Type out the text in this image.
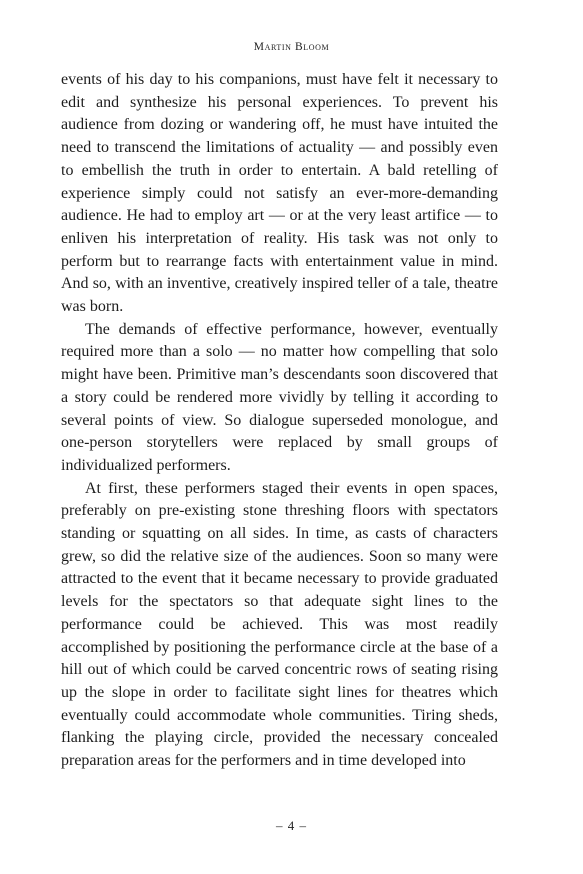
Martin Bloom

events of his day to his companions, must have felt it necessary to edit and synthesize his personal experiences. To prevent his audience from dozing or wandering off, he must have intuited the need to transcend the limitations of actuality — and possibly even to embellish the truth in order to entertain. A bald retelling of experience simply could not satisfy an ever-more-demanding audience. He had to employ art — or at the very least artifice — to enliven his interpretation of reality. His task was not only to perform but to rearrange facts with entertainment value in mind. And so, with an inventive, creatively inspired teller of a tale, theatre was born.

The demands of effective performance, however, eventually required more than a solo — no matter how compelling that solo might have been. Primitive man’s descendants soon discovered that a story could be rendered more vividly by telling it according to several points of view. So dialogue superseded monologue, and one-person storytellers were replaced by small groups of individualized performers.

At first, these performers staged their events in open spaces, preferably on pre-existing stone threshing floors with spectators standing or squatting on all sides. In time, as casts of characters grew, so did the relative size of the audiences. Soon so many were attracted to the event that it became necessary to provide graduated levels for the spectators so that adequate sight lines to the performance could be achieved. This was most readily accomplished by positioning the performance circle at the base of a hill out of which could be carved concentric rows of seating rising up the slope in order to facilitate sight lines for theatres which eventually could accommodate whole communities. Tiring sheds, flanking the playing circle, provided the necessary concealed preparation areas for the performers and in time developed into

– 4 –
